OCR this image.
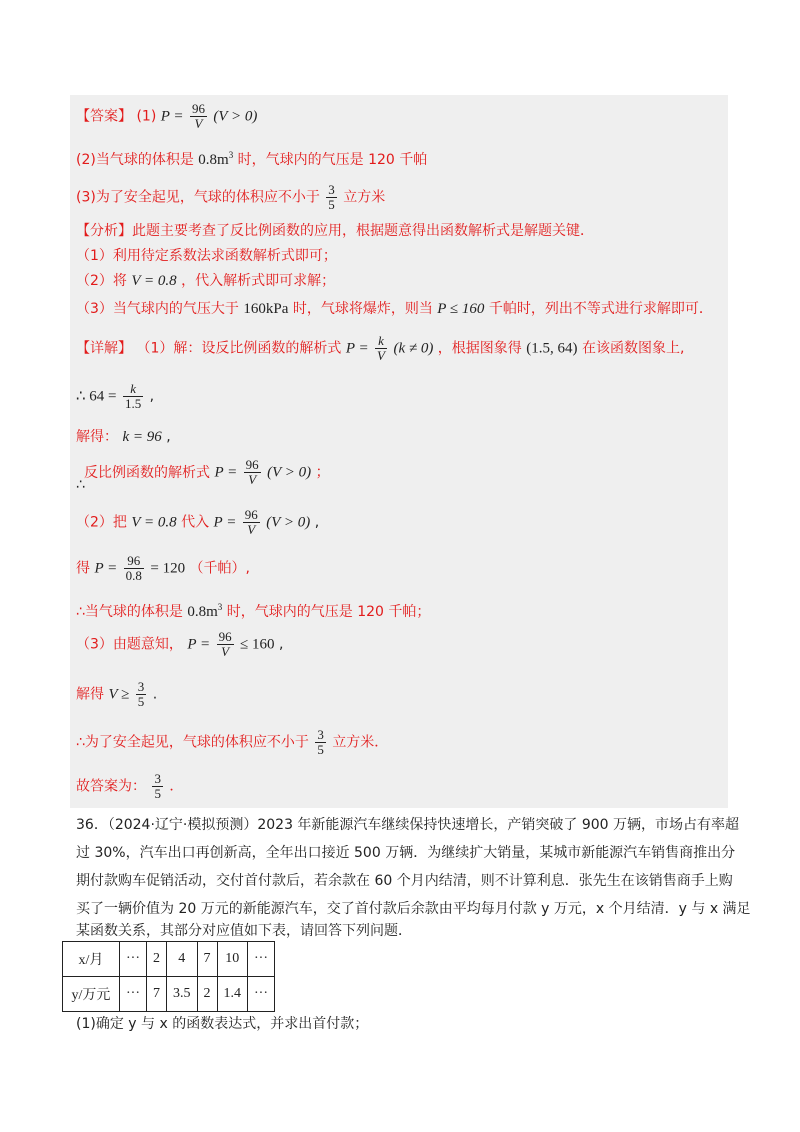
【答案】 (1) $P = \frac{96}{V} (V > 0)$
(2)当气球的体积是 $0.8m^3$ 时，气球内的气压是 120 千帕
(3)为了安全起见，气球的体积应不小于 $\frac{3}{5}$ 立方米
【分析】此题主要考查了反比例函数的应用，根据题意得出函数解析式是解题关键．
（1）利用待定系数法求函数解析式即可；
（2）将 V = 0.8 ，代入解析式即可求解；
（3）当气球内的气压大于 160kPa 时，气球将爆炸，则当 P ≤ 160 千帕时，列出不等式进行求解即可．
【详解】 （1）解：设反比例函数的解析式 $P = \frac{k}{V} (k \ne 0)$ ，根据图象得 (1.5, 64) 在该函数图象上,
∴ $64 = \frac{k}{1.5}$ ,
解得： k = 96 ,
反比例函数的解析式 $P = \frac{96}{V} (V > 0)$ ；
∴
（2）把 V = 0.8 代入 $P = \frac{96}{V} (V > 0)$ ,
得 $P = \frac{96}{0.8} = 120$ （千帕）,
∴当气球的体积是 $0.8m^3$ 时，气球内的气压是 120 千帕；
（3）由题意知， $P = \frac{96}{V} \le 160$ ,
解得 $V \ge \frac{3}{5}$ .
∴为了安全起见，气球的体积应不小于 $\frac{3}{5}$ 立方米．
故答案为： $\frac{3}{5}$ ．
36．（2024·辽宁·模拟预测）2023 年新能源汽车继续保持快速增长，产销突破了 900 万辆，市场占有率超
过 30%，汽车出口再创新高，全年出口接近 500 万辆．为继续扩大销量，某城市新能源汽车销售商推出分
期付款购车促销活动，交付首付款后，若余款在 60 个月内结清，则不计算利息．张先生在该销售商手上购
买了一辆价值为 20 万元的新能源汽车，交了首付款后余款由平均每月付款 y 万元，x 个月结清．y 与 x 满足
某函数关系，其部分对应值如下表，请回答下列问题．
x/月	···	2	4	7	10	···
y/万元	···	7	3.5	2	1.4	···
(1)确定 y 与 x 的函数表达式，并求出首付款；
